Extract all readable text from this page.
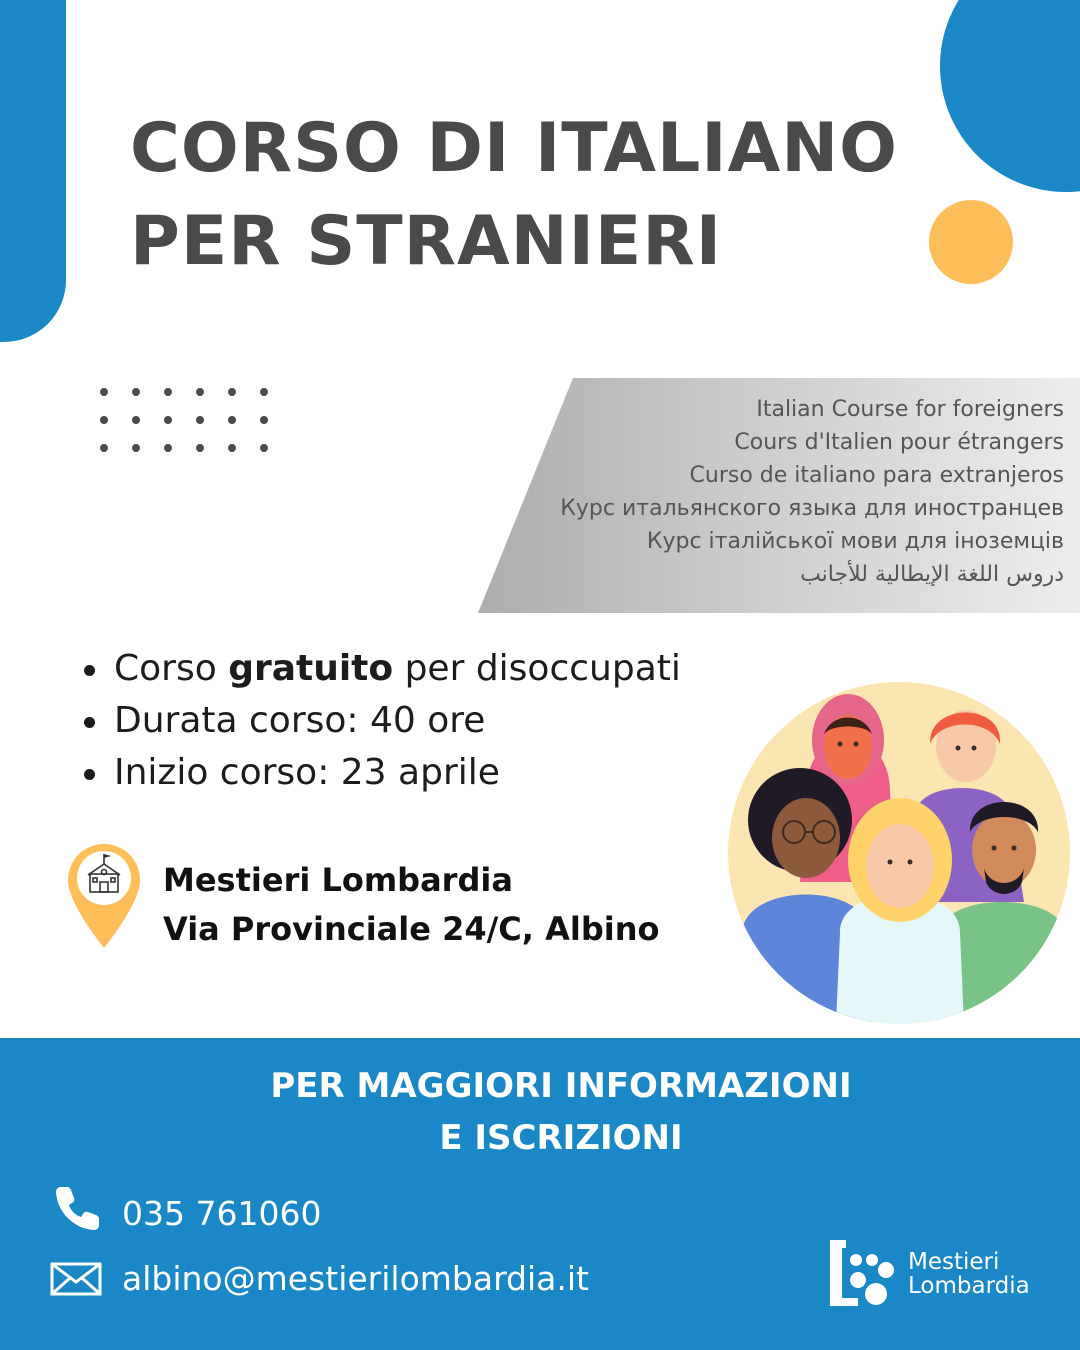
CORSO DI ITALIANO
PER STRANIERI
Italian Course for foreigners
Cours d'Italien pour étrangers
Curso de italiano para extranjeros
Курс итальянского языка для иностранцев
Курс італійської мови для іноземців
دروس اللغة الإيطالية للأجانب
Corso gratuito per disoccupati
Durata corso: 40 ore
Inizio corso: 23 aprile
Mestieri Lombardia
Via Provinciale 24/C, Albino
PER MAGGIORI INFORMAZIONI
E ISCRIZIONI
035 761060
albino@mestierilombardia.it	Mestieri
Lombardia
